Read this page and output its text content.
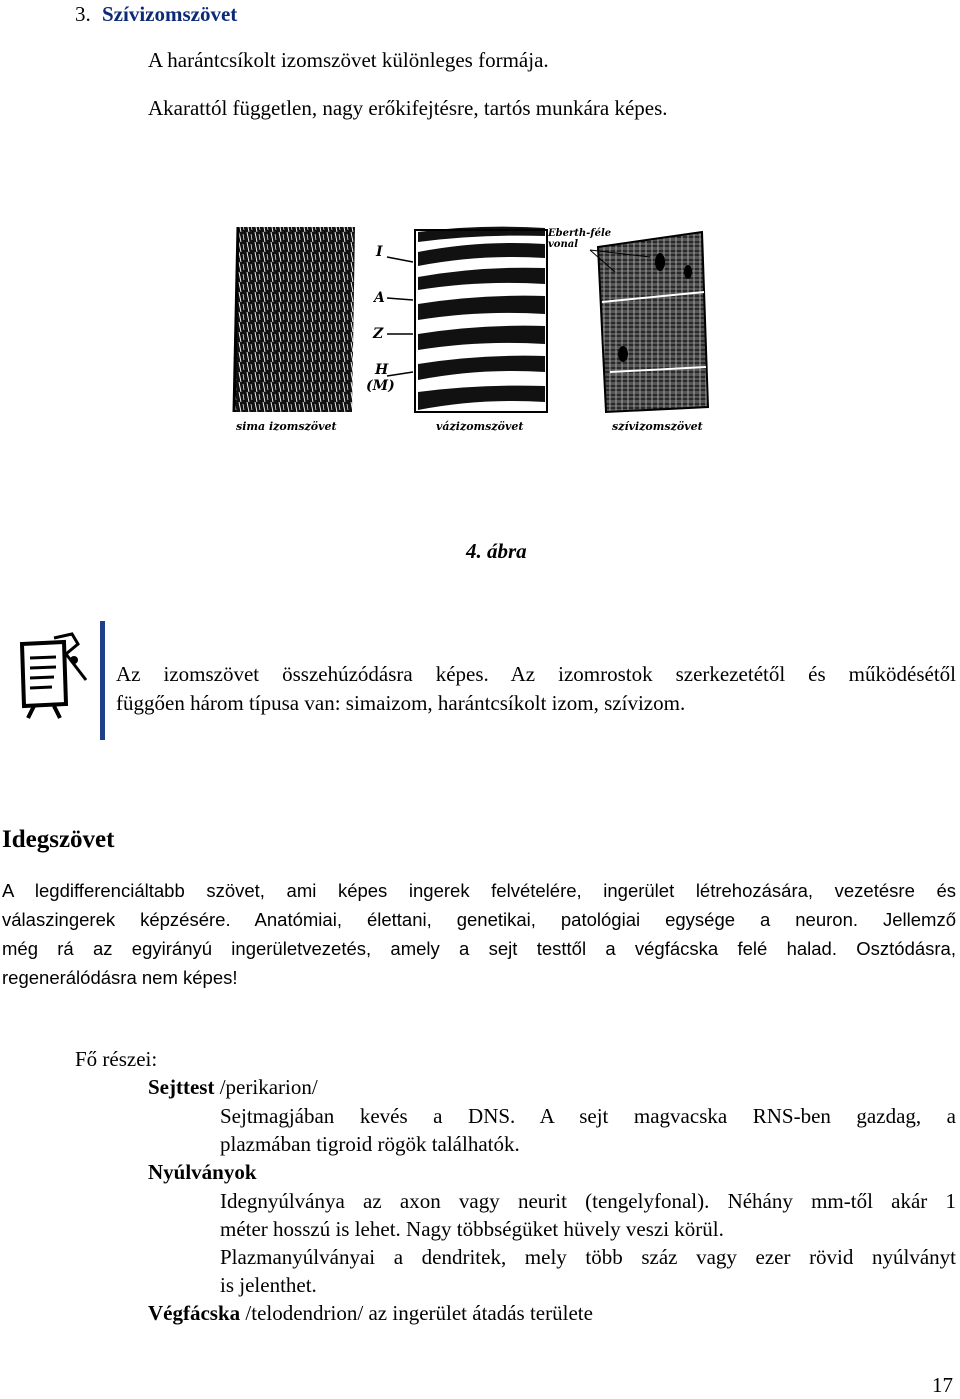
3. Szívizomszövet
A harántcsíkolt izomszövet különleges formája.
Akarattól független, nagy erőkifejtésre, tartós munkára képes.
I
A
Z
H
(M)
Eberth-féle
vonal
sima izomszövet	vázizomszövet	szívizomszövet
4. ábra
Az izomszövet összehúzódásra képes. Az izomrostok szerkezetétől és működésétől
függően három típusa van: simaizom, harántcsíkolt izom, szívizom.
Idegszövet
A legdifferenciáltabb szövet, ami képes ingerek felvételére, ingerület létrehozására, vezetésre és
válaszingerek képzésére. Anatómiai, élettani, genetikai, patológiai egysége a neuron. Jellemző
még rá az egyirányú ingerületvezetés, amely a sejt testtől a végfácska felé halad. Osztódásra,
regenerálódásra nem képes!
Fő részei:
Sejttest /perikarion/
Sejtmagjában kevés a DNS. A sejt magvacska RNS-ben gazdag, a
plazmában tigroid rögök találhatók.
Nyúlványok
Idegnyúlványa az axon vagy neurit (tengelyfonal). Néhány mm-től akár 1
méter hosszú is lehet. Nagy többségüket hüvely veszi körül.
Plazmanyúlványai a dendritek, mely több száz vagy ezer rövid nyúlványt
is jelenthet.
Végfácska /telodendrion/ az ingerület átadás területe
17
